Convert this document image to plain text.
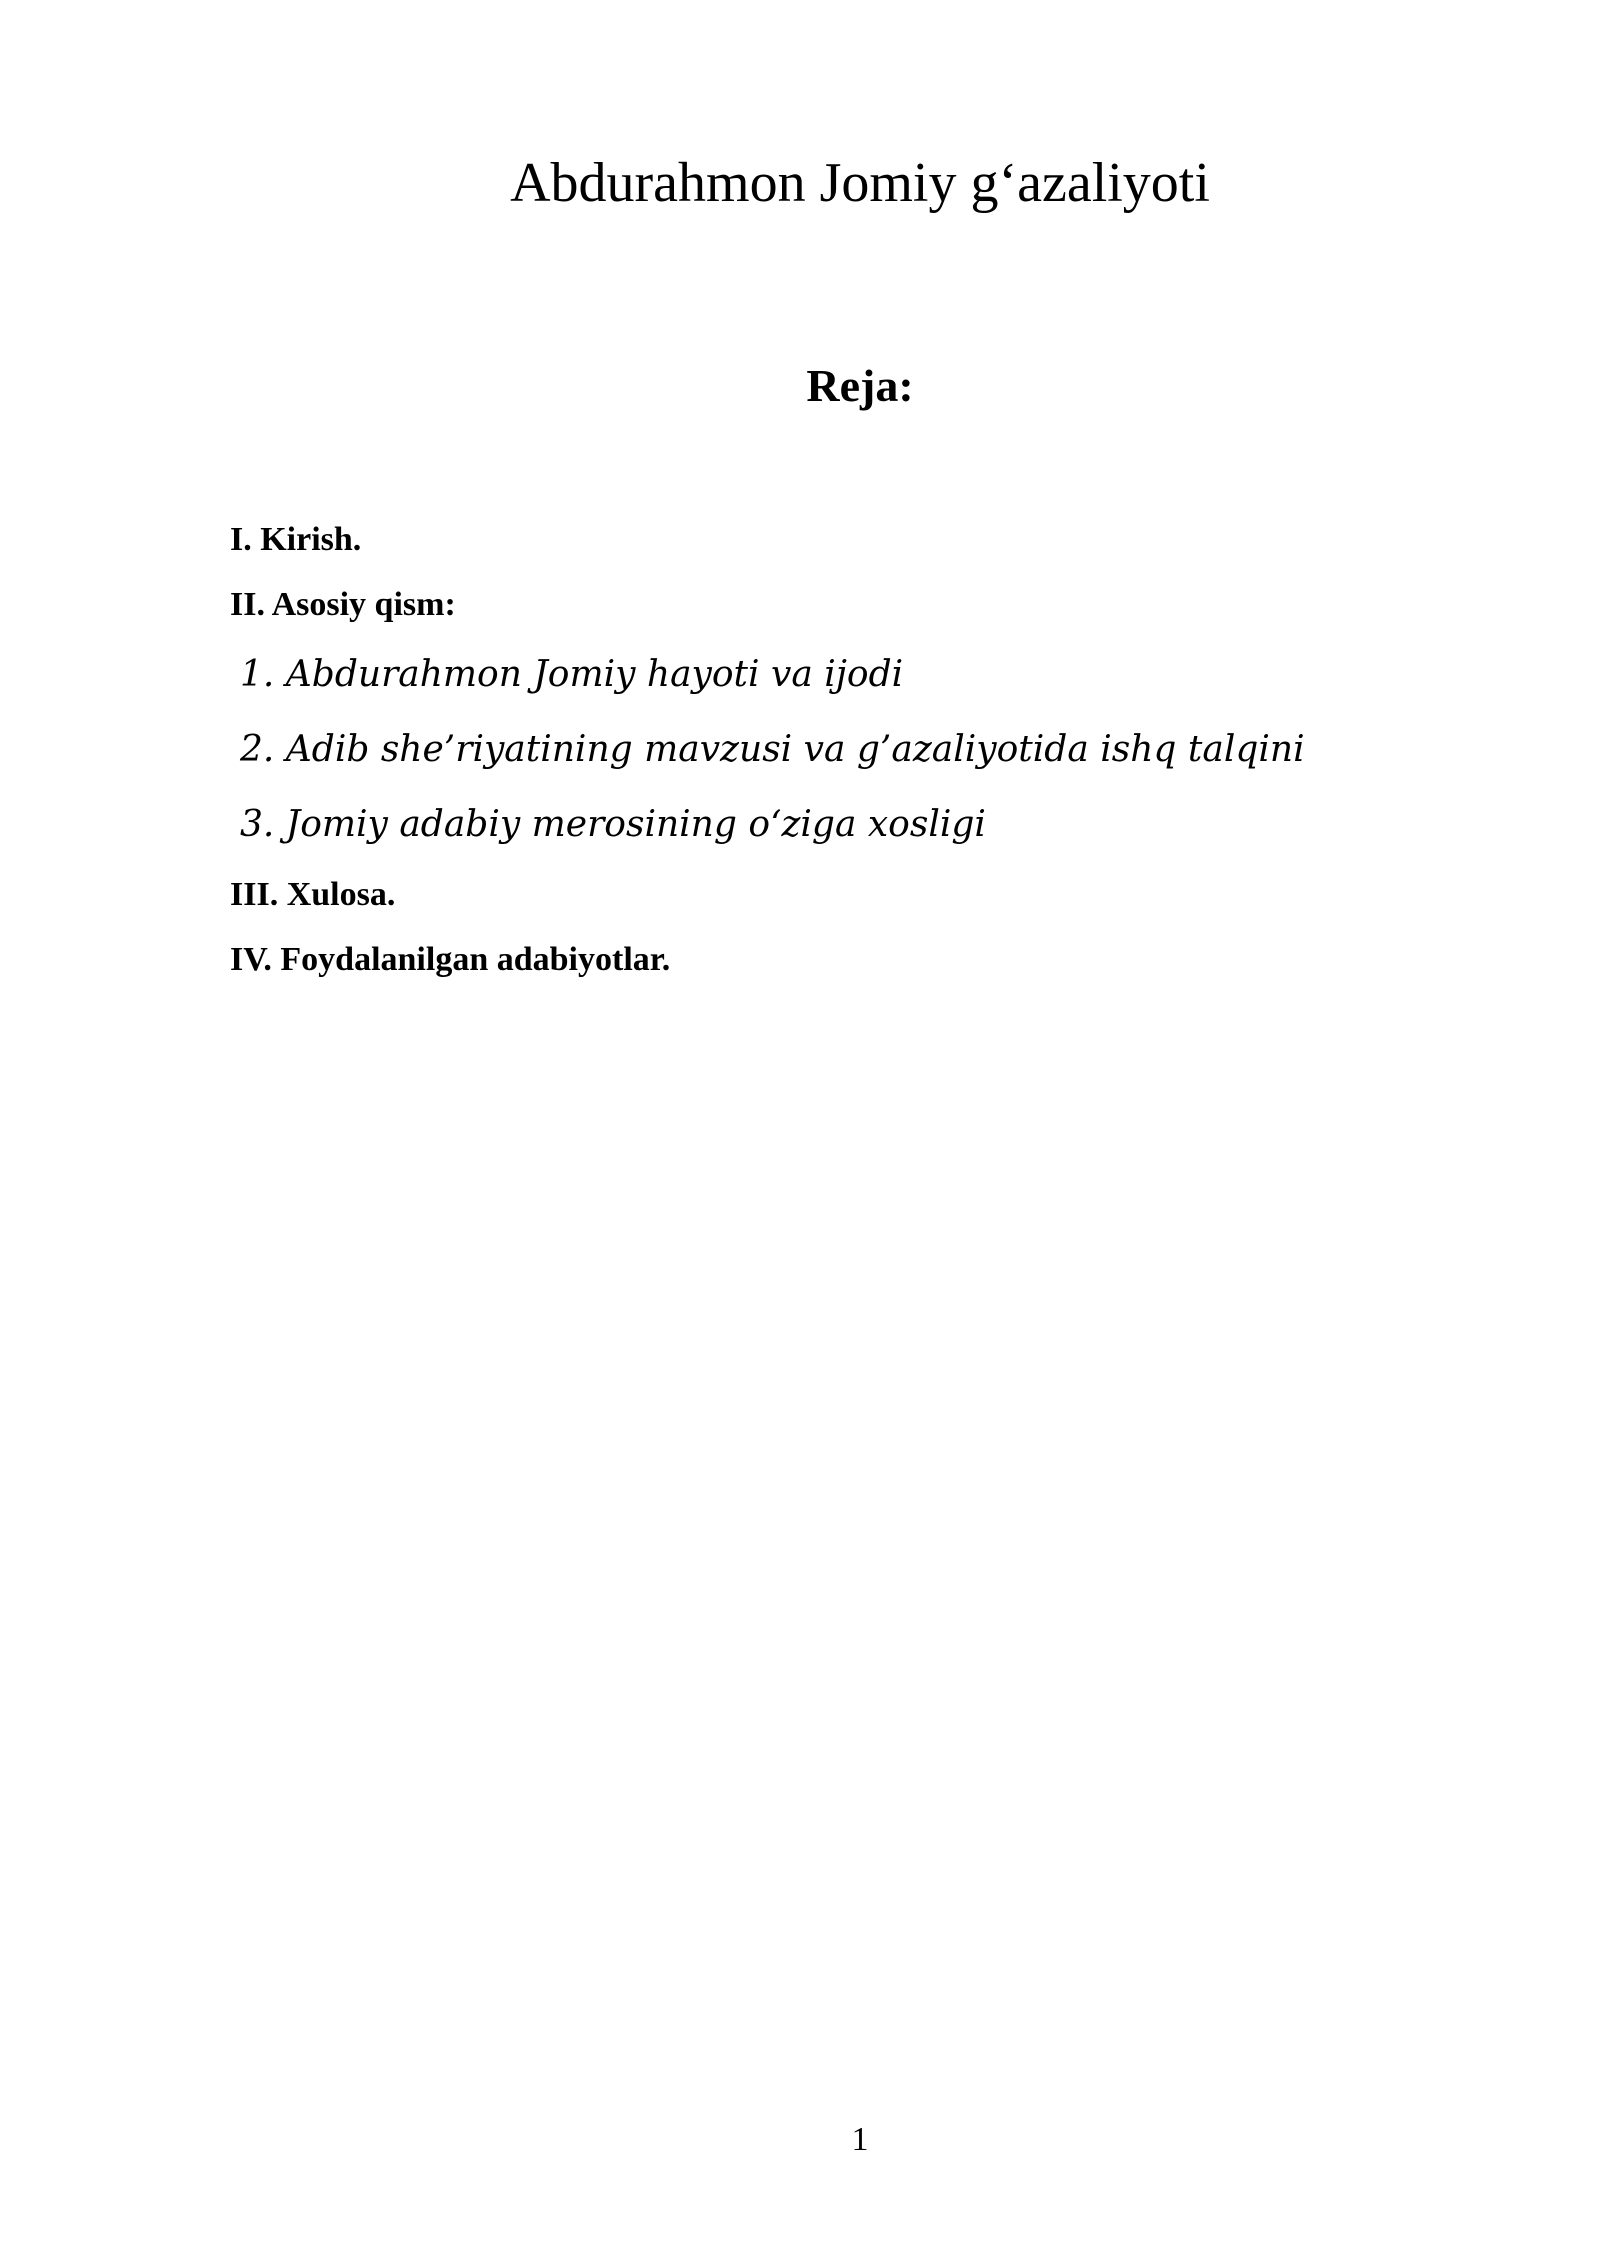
Abdurahmon Jomiy g‘azaliyoti
Reja:
I. Kirish.
II. Asosiy qism:
1. Abdurahmon Jomiy hayoti va ijodi
2. Adib she’riyatining mavzusi va g’azaliyotida ishq talqini
3. Jomiy adabiy merosining o‘ziga xosligi
III. Xulosa.
IV. Foydalanilgan adabiyotlar.
1
